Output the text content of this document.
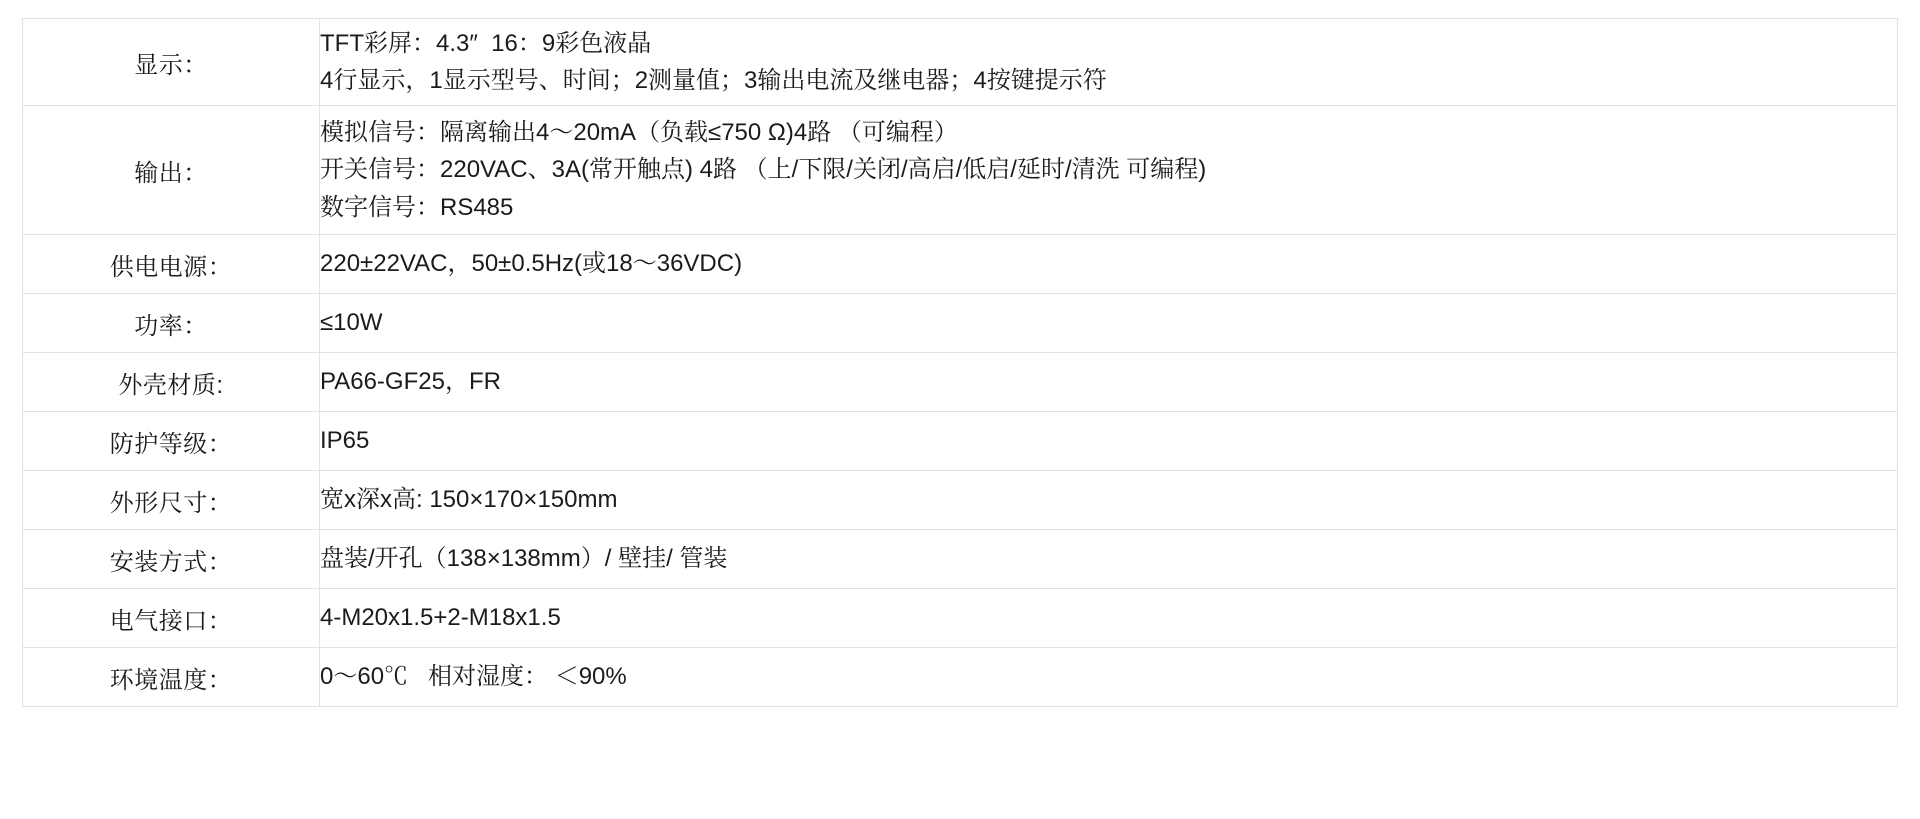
显示：	TFT彩屏：4.3″  16：9彩色液晶
4行显示，1显示型号、时间；2测量值；3输出电流及继电器；4按键提示符

输出：	模拟信号：隔离输出4～20mA（负载≤750 Ω)4路 （可编程）
开关信号：220VAC、3A(常开触点) 4路 （上/下限/关闭/高启/低启/延时/清洗 可编程)
数字信号：RS485

供电电源：	220±22VAC，50±0.5Hz(或18～36VDC)

功率：	≤10W

外壳材质:	PA66-GF25，FR

防护等级：	IP65

外形尺寸：	宽x深x高: 150×170×150mm

安装方式：	盘装/开孔（138×138mm）/ 壁挂/ 管装

电气接口：	4-M20x1.5+2-M18x1.5

环境温度：	0～60℃   相对湿度： ＜90%
